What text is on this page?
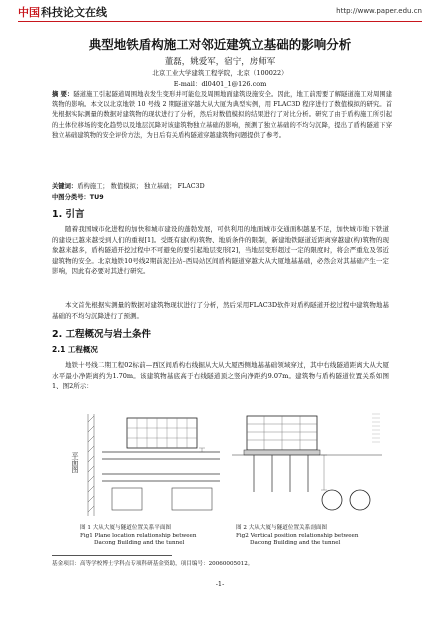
中国 科技论文在线	http://www.paper.edu.cn
典型地铁盾构施工对邻近建筑立基础的影响分析
董磊，姚爱军，宿宁，房师军
北京工业大学建筑工程学院，北京（100022）
E-mail：dl0401_1@126.com
摘 要：隧道施工引起隧道周围地表发生变形并可能危及周围地面建筑设施安全。因此，地工前需要了解隧道施工对周围建筑物的影响。本文以北京地铁 10 号线 2 期隧道穿越大从大厦为典型实例，用 FLAC3D 程序进行了数值模拟的研究。首先根据实际测量的数据对建筑物的现状进行了分析，然后对数值模拟的结果进行了对比分析。研究了由于盾构施工所引起的土体位移场的变化趋势以及地层沉降对该建筑物独立基础的影响，预测了独立基础的不均匀沉降，提出了盾构隧道下穿独立基础建筑物的安全评价方法，为日后有关盾构隧道穿越建筑物问题提供了参考。
关键词：盾构施工； 数值模拟； 独立基础； FLAC3D
中图分类号：TU9
1. 引言
随着我国城市化进程的加快和城市建设的蓬勃发展，可供利用的地面城市交通面积越显不足，加快城市地下铁道的建设已越来越受到人们的重视[1]。受既有建(构)筑物、地质条件的限制，新建地铁隧道近距离穿越建(构)筑物的现象越来越多，盾构隧道开挖过程中不可避免的要引起地层变形[2]，当地层变形超过一定的限度时，将会严重危及邻近建筑物的安全。北京地铁10号线2期前泥洼站–西局站区间盾构隧道穿越大从大厦地基基础，必然会对其基础产生一定影响，因此有必要对其进行研究。
本文首先根据实测量的数据对建筑物现状进行了分析，然后采用FLAC3D软件对盾构隧道开挖过程中建筑物地基基础的不均匀沉降进行了预测。
2. 工程概况与岩土条件
2.1 工程概况
地铁十号线二期工程02标前—西区间盾构右线掘从大从大厦西侧地基基础领域穿过，其中右线隧道距离大从大厦水平最小净距离约为1.70m。该建筑物基底高于右线隧道顶之竖向净距约9.07m。建筑物与盾构隧道位置关系如图1、图2所示：
平面图
图 1 大从大厦与隧道位置关系平面图
Fig1 Plane location relationship between
Dacong Building and the tunnel
图 2 大从大厦与隧道位置关系剖面图
Fig2 Vertical position relationship between
Dacong Building and the tunnel
基金项目：高等学校博士学科点专项科研基金资助，项目编号：20060005012。
-1-
